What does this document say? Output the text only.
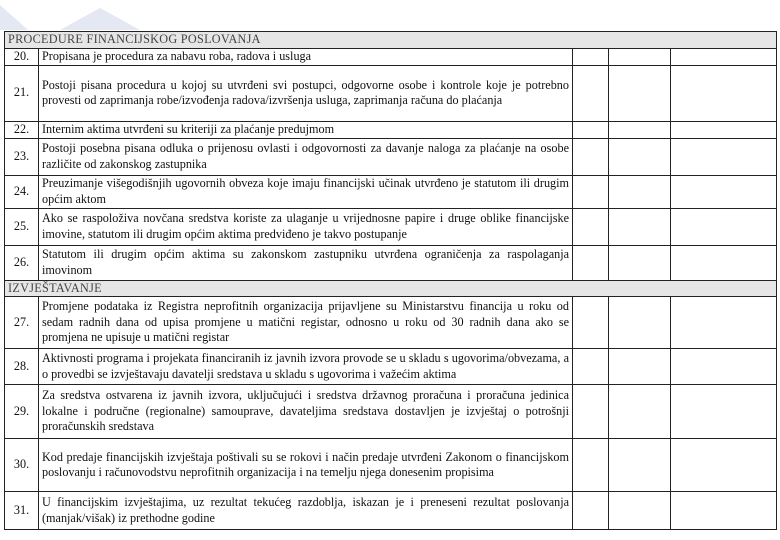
PROCEDURE FINANCIJSKOG POSLOVANJA				
20.	Propisana je procedura za nabavu roba, radova i usluga			
21.	Postoji pisana procedura u kojoj su utvrđeni svi postupci, odgovorne osobe i kontrole koje je potrebno provesti od zaprimanja robe/izvođenja radova/izvršenja usluga, zaprimanja računa do plaćanja			
22.	Internim aktima utvrđeni su kriteriji za plaćanje predujmom			
23.	Postoji posebna pisana odluka o prijenosu ovlasti i odgovornosti za davanje naloga za plaćanje na osobe različite od zakonskog zastupnika			
24.	Preuzimanje višegodišnjih ugovornih obveza koje imaju financijski učinak utvrđeno je statutom ili drugim općim aktom			
25.	Ako se raspoloživa novčana sredstva koriste za ulaganje u vrijednosne papire i druge oblike financijske imovine, statutom ili drugim općim aktima predviđeno je takvo postupanje			
26.	Statutom ili drugim općim aktima su zakonskom zastupniku utvrđena ograničenja za raspolaganja imovinom			
IZVJEŠTAVANJE				
27.	Promjene podataka iz Registra neprofitnih organizacija prijavljene su Ministarstvu financija u roku od sedam radnih dana od upisa promjene u matični registar, odnosno u roku od 30 radnih dana ako se promjena ne upisuje u matični registar			
28.	Aktivnosti programa i projekata financiranih iz javnih izvora provode se u skladu s ugovorima/obvezama, a o provedbi se izvještavaju davatelji sredstava u skladu s ugovorima i važećim aktima			
29.	Za sredstva ostvarena iz javnih izvora, uključujući i sredstva državnog proračuna i proračuna jedinica lokalne i područne (regionalne) samouprave, davateljima sredstava dostavljen je izvještaj o potrošnji proračunskih sredstava			
30.	Kod predaje financijskih izvještaja poštivali su se rokovi i način predaje utvrđeni Zakonom o financijskom poslovanju i računovodstvu neprofitnih organizacija i na temelju njega donesenim propisima			
31.	U financijskim izvještajima, uz rezultat tekućeg razdoblja, iskazan je i preneseni rezultat poslovanja (manjak/višak) iz prethodne godine			
